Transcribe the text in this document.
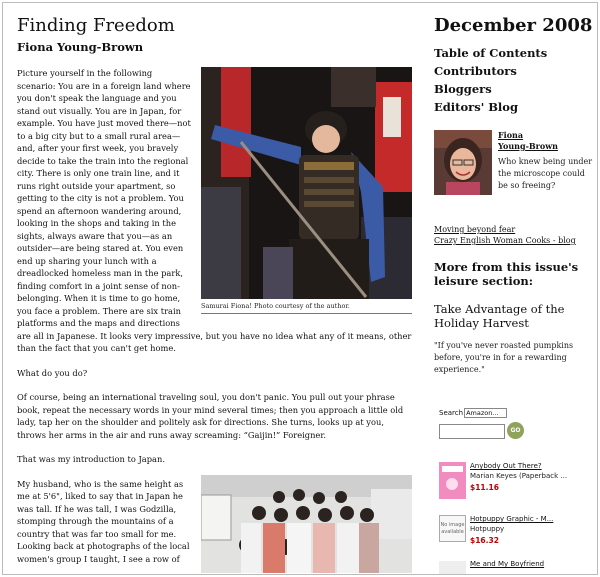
Finding Freedom
Fiona Young-Brown
Samurai Fiona! Photo courtesy of the author.

Picture yourself in the following scenario: You are in a foreign land where you don't speak the language and you stand out visually. You are in Japan, for example. You have just moved there—not to a big city but to a small rural area—and, after your first week, you bravely decide to take the train into the regional city. There is only one train line, and it runs right outside your apartment, so getting to the city is not a problem. You spend an afternoon wandering around, looking in the shops and taking in the sights, always aware that you—as an outsider—are being stared at. You even end up sharing your lunch with a dreadlocked homeless man in the park, finding comfort in a joint sense of non-belonging. When it is time to go home, you face a problem. There are six train platforms and the maps and directions are all in Japanese. It looks very impressive, but you have no idea what any of it means, other than the fact that you can't get home.

What do you do?

Of course, being an international traveling soul, you don't panic. You pull out your phrase book, repeat the necessary words in your mind several times; then you approach a little old lady, tap her on the shoulder and politely ask for directions. She turns, looks up at you, throws her arms in the air and runs away screaming: “Gaijin!” Foreigner.

That was my introduction to Japan.

My husband, who is the same height as me at 5'6", liked to say that in Japan he was tall. If he was tall, I was Godzilla, stomping through the mountains of a country that was far too small for me. Looking back at photographs of the local women's group I taught, I see a row of

December 2008
Table of Contents
Contributors
Bloggers
Editors' Blog
Fiona
Young-Brown
Who knew being under the microscope could be so freeing?
Moving beyond fear
Crazy English Woman Cooks - blog
More from this issue's leisure section:
Take Advantage of the Holiday Harvest
"If you've never roasted pumpkins before, you're in for a rewarding experience."
Search Amazon...
GO
Anybody Out There?
Marian Keyes (Paperback ...
$11.16
No image available
Hotpuppy Graphic - M...
Hotpuppy
$16.32
Me and My Boyfriend
